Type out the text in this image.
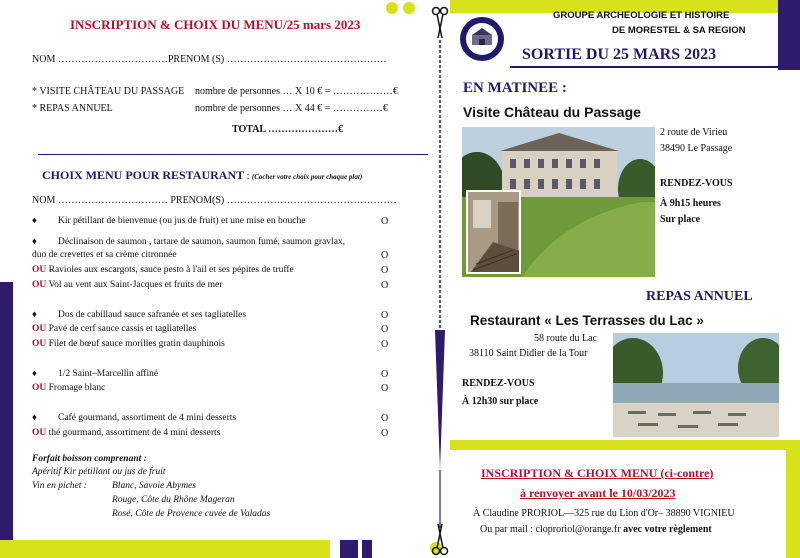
INSCRIPTION & CHOIX DU MENU/25 mars 2023
NOM ……………………………PRENOM (S) …………………………………………
* VISITE CHÂTEAU DU PASSAGE nombre de personnes … X 10 € = ………………€
* REPAS ANNUEL	nombre de personnes … X 44 € = ……………€
TOTAL …………………€
CHOIX MENU POUR RESTAURANT : (Cocher votre choix pour chaque plat)
NOM …………………………… PRENOM(S) ……………………………………………
♦ Kir pétillant de bienvenue (ou jus de fruit) et une mise en bouche	O
♦ Déclinaison de saumon , tartare de saumon, saumon fumé, saumon gravlax,
duo de crevettes et sa crème citronnée	O
OU Ravioles aux escargots, sauce pesto à l'ail et ses pépites de truffe	O
OU Vol au vent aux Saint-Jacques et fruits de mer	O
♦ Dos de cabillaud sauce safranée et ses tagliatelles	O
OU Pavé de cerf sauce cassis et tagliatelles	O
OU Filet de bœuf sauce morilles gratin dauphinois	O
♦ 1/2 Saint–Marcellin affiné	O
OU Fromage blanc	O
♦ Café gourmand, assortiment de 4 mini desserts	O
OU thé gourmand, assortiment de 4 mini desserts	O
Forfait boisson comprenant :
Apéritif Kir pétillant ou jus de fruit
Vin en pichet :	Blanc, Savoie Abymes
Rouge, Côte du Rhône Mageran
Rosé, Côte de Provence cuvée de Valadas
GROUPE ARCHEOLOGIE ET HISTOIRE
DE MORESTEL & SA REGION
SORTIE DU 25 MARS 2023
EN MATINEE :
Visite Château du Passage
2 route de Virieu
38490 Le Passage
RENDEZ-VOUS
À 9h15 heures
Sur place
REPAS ANNUEL
Restaurant « Les Terrasses du Lac »
58 route du Lac
38110 Saint Didier de la Tour
RENDEZ-VOUS
À 12h30 sur place
INSCRIPTION & CHOIX MENU (ci-contre)
à renvoyer avant le 10/03/2023
À Claudine PRORIOL—325 rue du Lion d'Or– 38890 VIGNIEU
Ou par mail : cloproriol@orange.fr avec votre règlement
